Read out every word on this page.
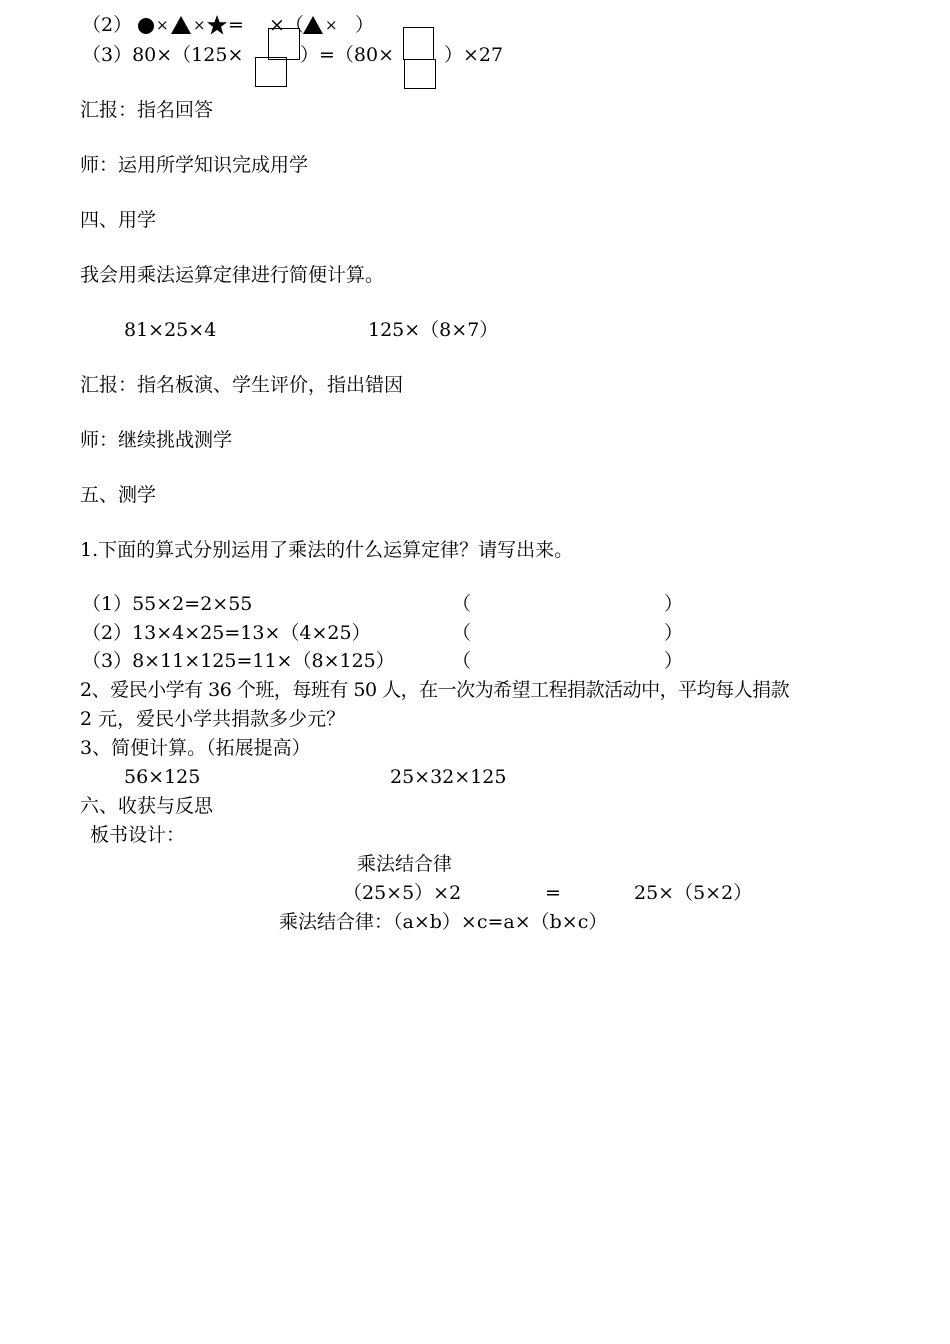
（2） × × = ×（ × ）
（3）80×（125×	）=（80×	）×27
汇报：指名回答
师：运用所学知识完成用学
四、用学
我会用乘法运算定律进行简便计算。
81×25×4	125×（8×7）
汇报：指名板演、学生评价，指出错因
师：继续挑战测学
五、测学
1.下面的算式分别运用了乘法的什么运算定律？请写出来。
（1）55×2=2×55	（	）
（2）13×4×25=13×（4×25）	（	）
（3）8×11×125=11×（8×125）	（	）
2、爱民小学有 36 个班，每班有 50 人，在一次为希望工程捐款活动中，平均每人捐款
2 元，爱民小学共捐款多少元？
3、简便计算。（拓展提高）
56×125	25×32×125
六、收获与反思
板书设计：
乘法结合律
（25×5）×2	=	25×（5×2）
乘法结合律：（a×b）×c=a×（b×c）
